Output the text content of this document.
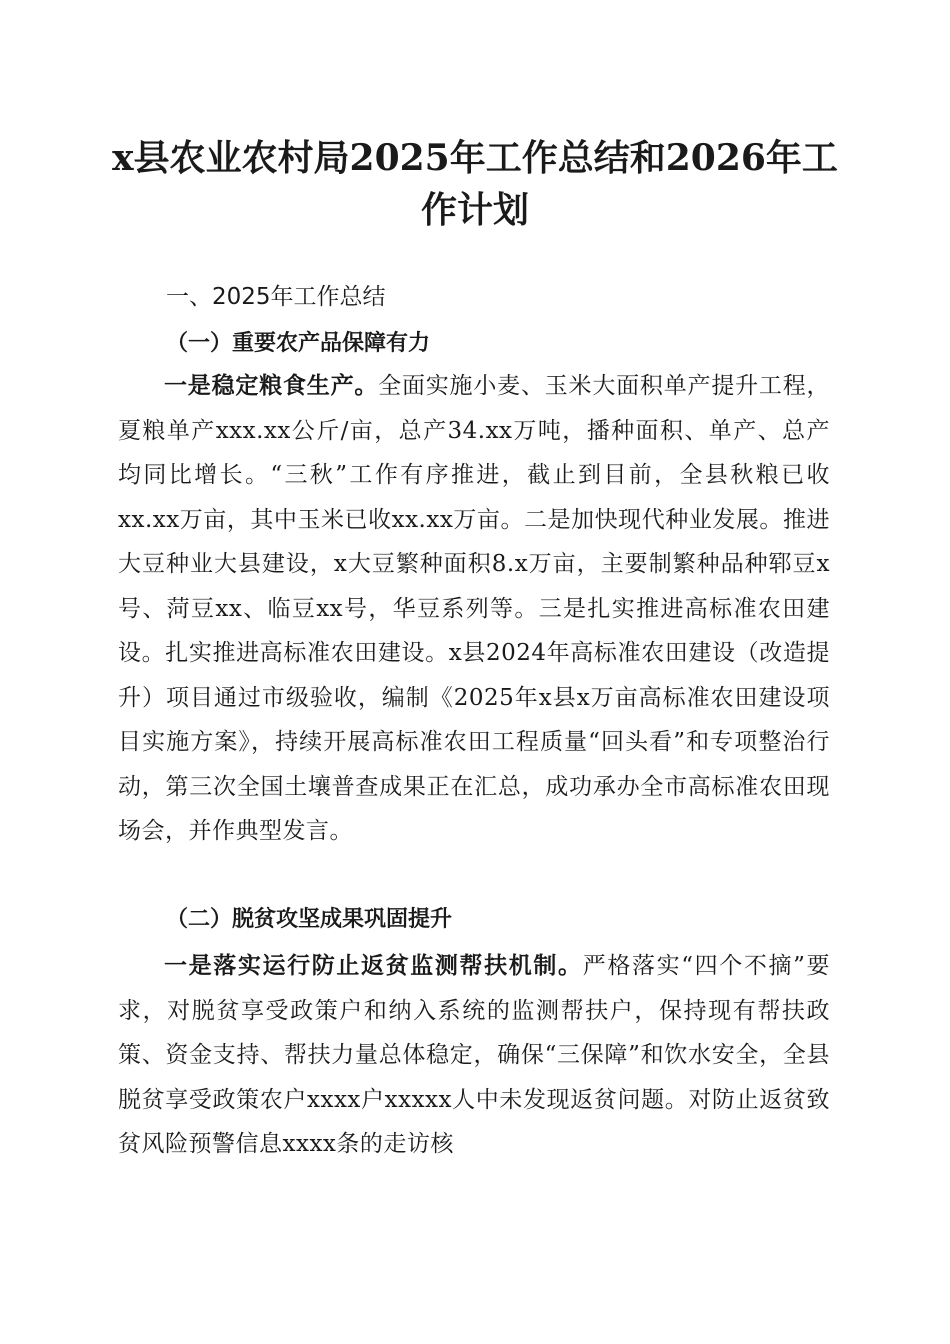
x县农业农村局2025年工作总结和2026年工
作计划

一、2025年工作总结

（一）重要农产品保障有力

一是稳定粮食生产。全面实施小麦、玉米大面积单产提升工程，夏粮单产xxx.xx公斤/亩，总产34.xx万吨，播种面积、单产、总产均同比增长。“三秋”工作有序推进，截止到目前，全县秋粮已收xx.xx万亩，其中玉米已收xx.xx万亩。二是加快现代种业发展。推进大豆种业大县建设，x大豆繁种面积8.x万亩，主要制繁种品种郓豆x号、菏豆xx、临豆xx号，华豆系列等。三是扎实推进高标准农田建设。扎实推进高标准农田建设。x县2024年高标准农田建设（改造提升）项目通过市级验收，编制《2025年x县x万亩高标准农田建设项目实施方案》，持续开展高标准农田工程质量“回头看”和专项整治行动，第三次全国土壤普查成果正在汇总，成功承办全市高标准农田现场会，并作典型发言。

（二）脱贫攻坚成果巩固提升

一是落实运行防止返贫监测帮扶机制。严格落实“四个不摘”要求，对脱贫享受政策户和纳入系统的监测帮扶户，保持现有帮扶政策、资金支持、帮扶力量总体稳定，确保“三保障”和饮水安全，全县脱贫享受政策农户xxxx户xxxxx人中未发现返贫问题。对防止返贫致贫风险预警信息xxxx条的走访核
